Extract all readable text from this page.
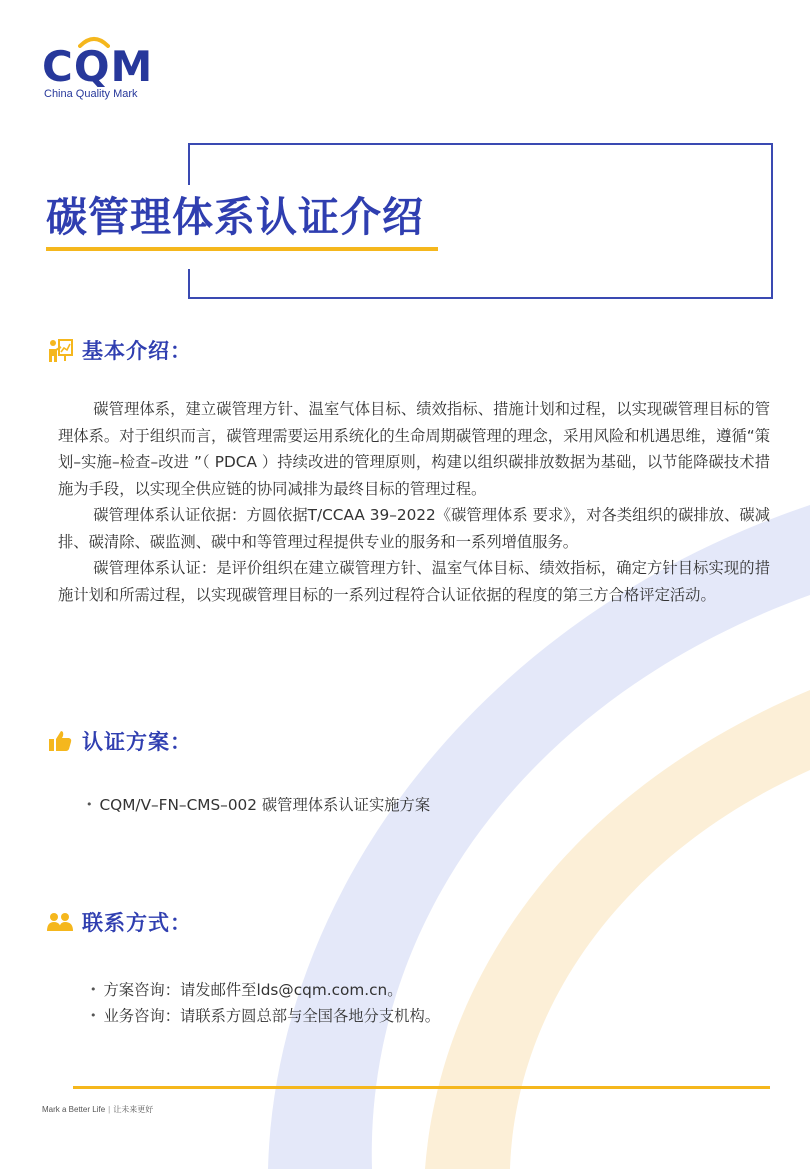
CQM
China Quality Mark
碳管理体系认证介绍
基本介绍：

碳管理体系，建立碳管理方针、温室气体目标、绩效指标、措施计划和过程，以实现碳管理目标的管理体系。对于组织而言，碳管理需要运用系统化的生命周期碳管理的理念，采用风险和机遇思维，遵循“策划–实施–检查–改进 ”（ PDCA ）持续改进的管理原则，构建以组织碳排放数据为基础，以节能降碳技术措施为手段，以实现全供应链的协同减排为最终目标的管理过程。

碳管理体系认证依据：方圆依据T/CCAA 39–2022《碳管理体系 要求》，对各类组织的碳排放、碳减排、碳清除、碳监测、碳中和等管理过程提供专业的服务和一系列增值服务。

碳管理体系认证：是评价组织在建立碳管理方针、温室气体目标、绩效指标，确定方针目标实现的措施计划和所需过程，以实现碳管理目标的一系列过程符合认证依据的程度的第三方合格评定活动。

认证方案：
• CQM/V–FN–CMS–002 碳管理体系认证实施方案
联系方式：
• 方案咨询：请发邮件至lds@cqm.com.cn。
• 业务咨询：请联系方圆总部与全国各地分支机构。
Mark a Better Life | 让未来更好
